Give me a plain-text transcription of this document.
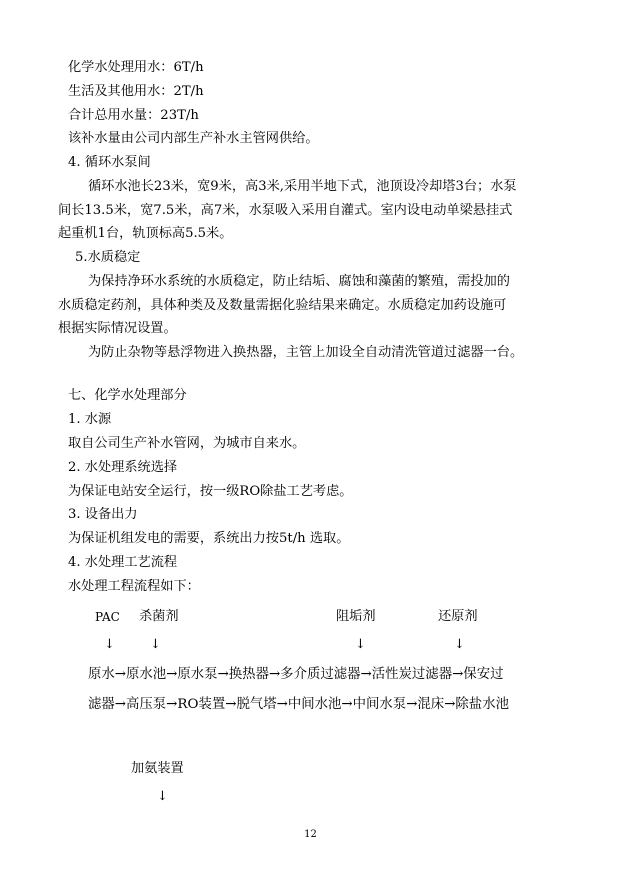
化学水处理用水：6T/h
生活及其他用水：2T/h
合计总用水量：23T/h
该补水量由公司内部生产补水主管网供给。
4. 循环水泵间
循环水池长23米，宽9米，高3米,采用半地下式，池顶设冷却塔3台；水泵
间长13.5米，宽7.5米，高7米，水泵吸入采用自灌式。室内设电动单梁悬挂式
起重机1台，轨顶标高5.5米。
5.水质稳定
为保持净环水系统的水质稳定，防止结垢、腐蚀和藻菌的繁殖，需投加的
水质稳定药剂，具体种类及及数量需据化验结果来确定。水质稳定加药设施可
根据实际情况设置。
为防止杂物等悬浮物进入换热器，主管上加设全自动清洗管道过滤器一台。
七、化学水处理部分
1. 水源
取自公司生产补水管网，为城市自来水。
2. 水处理系统选择
为保证电站安全运行，按一级RO除盐工艺考虑。
3. 设备出力
为保证机组发电的需要，系统出力按5t/h 选取。
4. 水处理工艺流程
水处理工程流程如下：
PAC 杀菌剂	阻垢剂	还原剂
↓	↓	↓	↓
原水→原水池→原水泵→换热器→多介质过滤器→活性炭过滤器→保安过
滤器→高压泵→RO装置→脱气塔→中间水池→中间水泵→混床→除盐水池
加氨装置
↓
12
